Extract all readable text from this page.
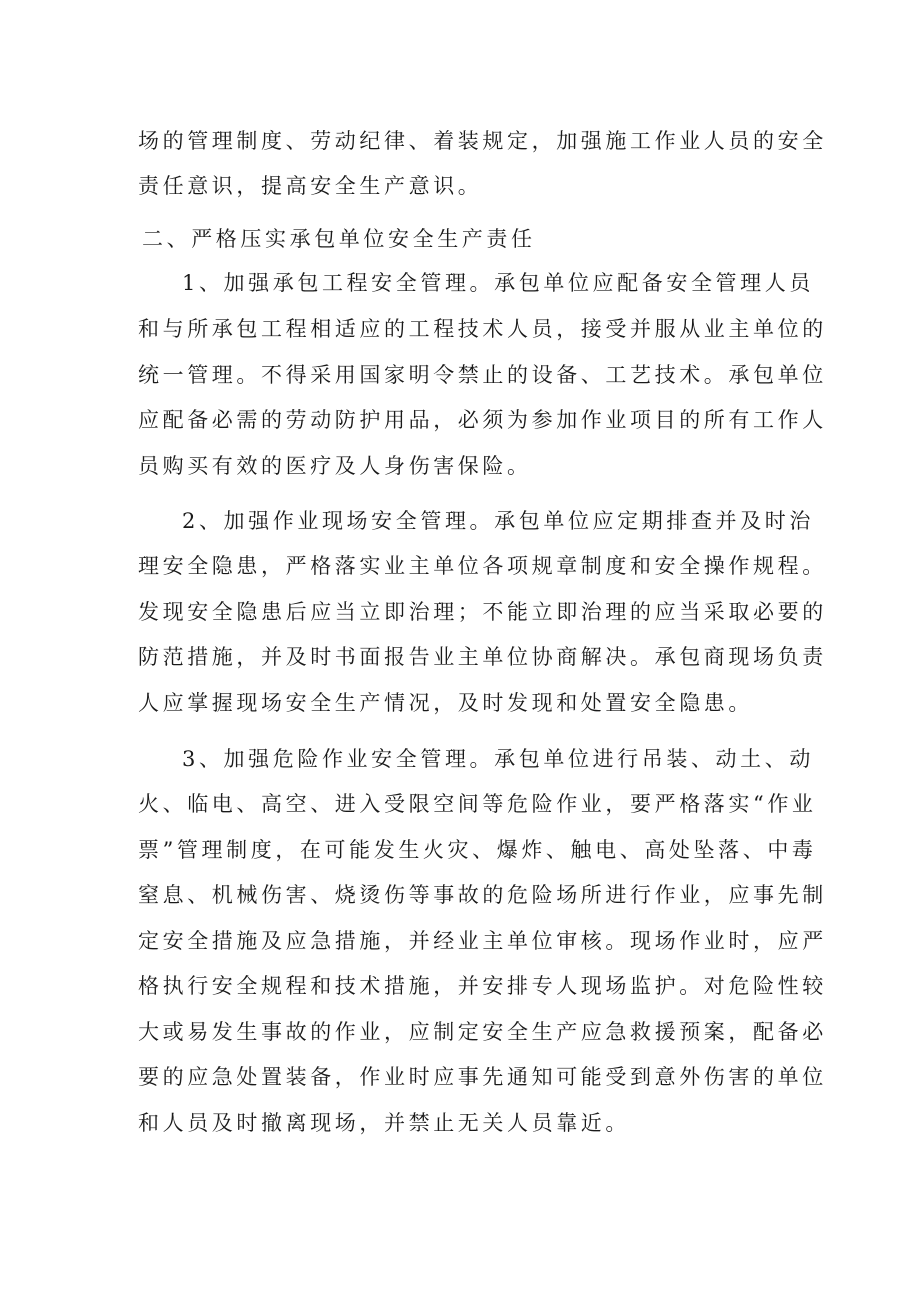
场的管理制度、劳动纪律、着装规定，加强施工作业人员的安全
责任意识，提高安全生产意识。
二、严格压实承包单位安全生产责任
1、加强承包工程安全管理。承包单位应配备安全管理人员
和与所承包工程相适应的工程技术人员，接受并服从业主单位的
统一管理。不得采用国家明令禁止的设备、工艺技术。承包单位
应配备必需的劳动防护用品，必须为参加作业项目的所有工作人
员购买有效的医疗及人身伤害保险。
2、加强作业现场安全管理。承包单位应定期排查并及时治
理安全隐患，严格落实业主单位各项规章制度和安全操作规程。
发现安全隐患后应当立即治理；不能立即治理的应当采取必要的
防范措施，并及时书面报告业主单位协商解决。承包商现场负责
人应掌握现场安全生产情况，及时发现和处置安全隐患。
3、加强危险作业安全管理。承包单位进行吊装、动土、动
火、临电、高空、进入受限空间等危险作业，要严格落实“作业
票”管理制度，在可能发生火灾、爆炸、触电、高处坠落、中毒
窒息、机械伤害、烧烫伤等事故的危险场所进行作业，应事先制
定安全措施及应急措施，并经业主单位审核。现场作业时，应严
格执行安全规程和技术措施，并安排专人现场监护。对危险性较
大或易发生事故的作业，应制定安全生产应急救援预案，配备必
要的应急处置装备，作业时应事先通知可能受到意外伤害的单位
和人员及时撤离现场，并禁止无关人员靠近。
